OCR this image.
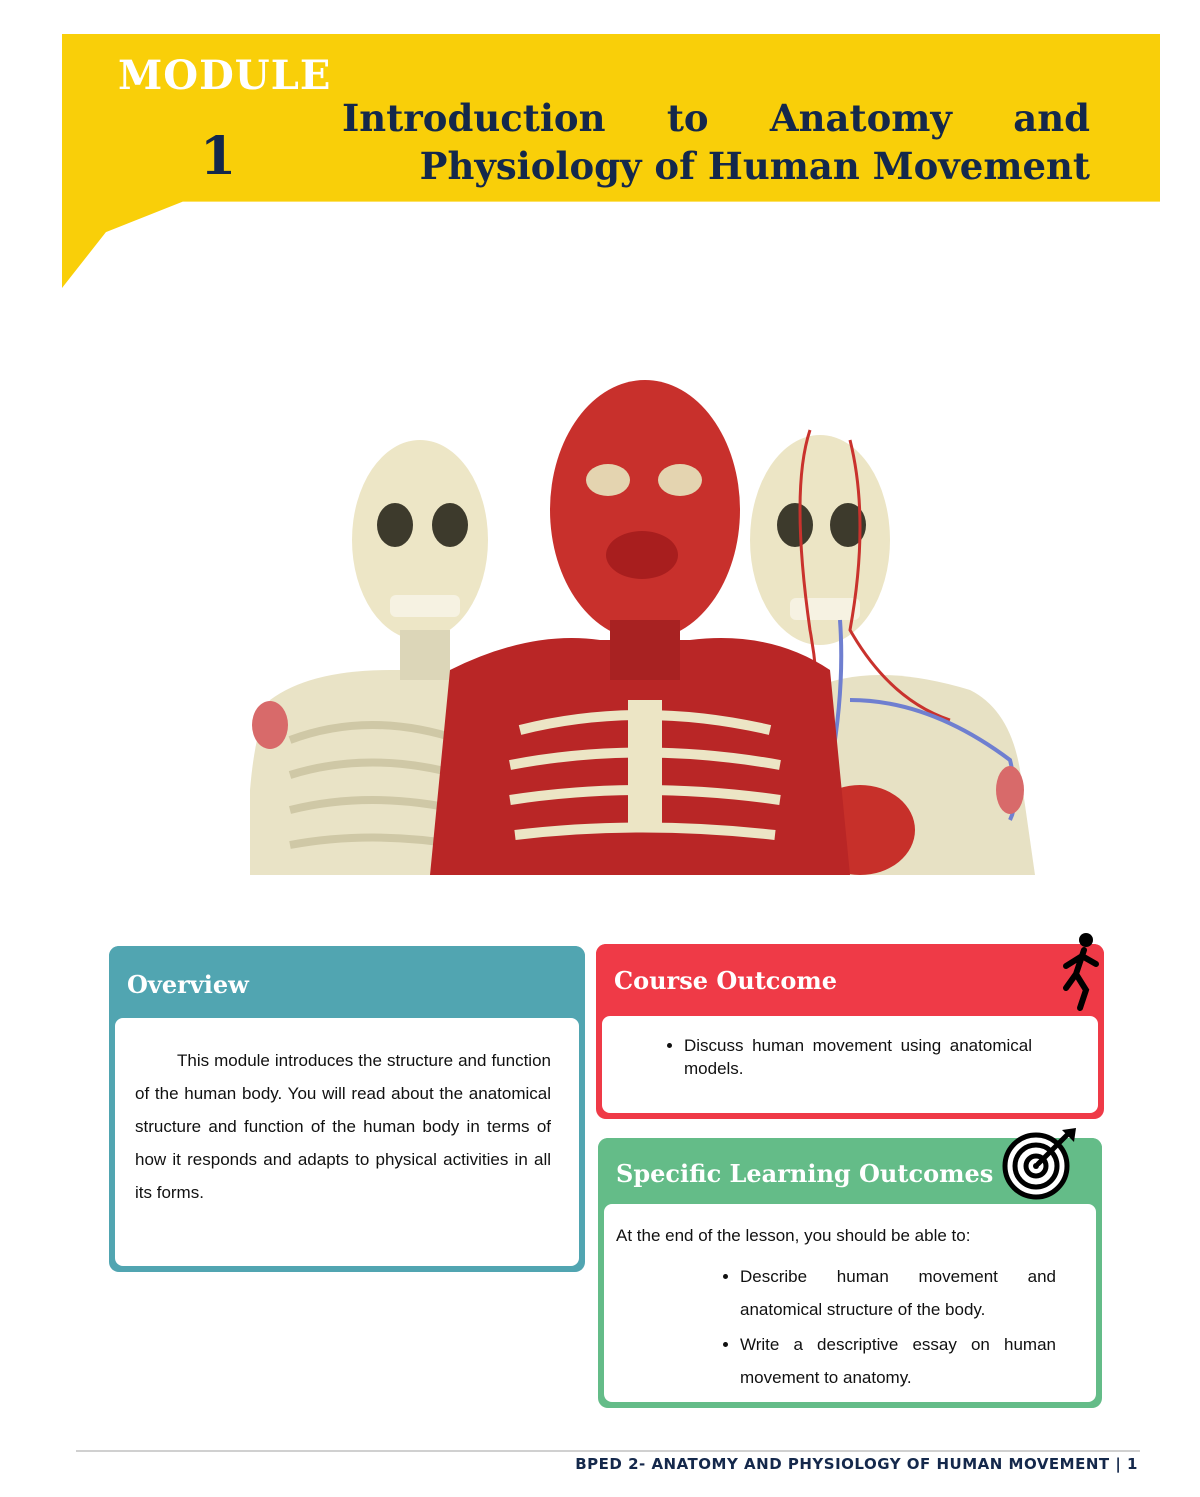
MODULE

1

Introduction to Anatomy and Physiology of Human Movement
Overview

This module introduces the structure and function of the human body. You will read about the anatomical structure and function of the human body in terms of how it responds and adapts to physical activities in all its forms.

Course Outcome
• Discuss human movement using anatomical models.
Specific Learning Outcomes

At the end of the lesson, you should be able to:

• Describe human movement and anatomical structure of the body.
• Write a descriptive essay on human movement to anatomy.

BPED 2- ANATOMY AND PHYSIOLOGY OF HUMAN MOVEMENT | 1
